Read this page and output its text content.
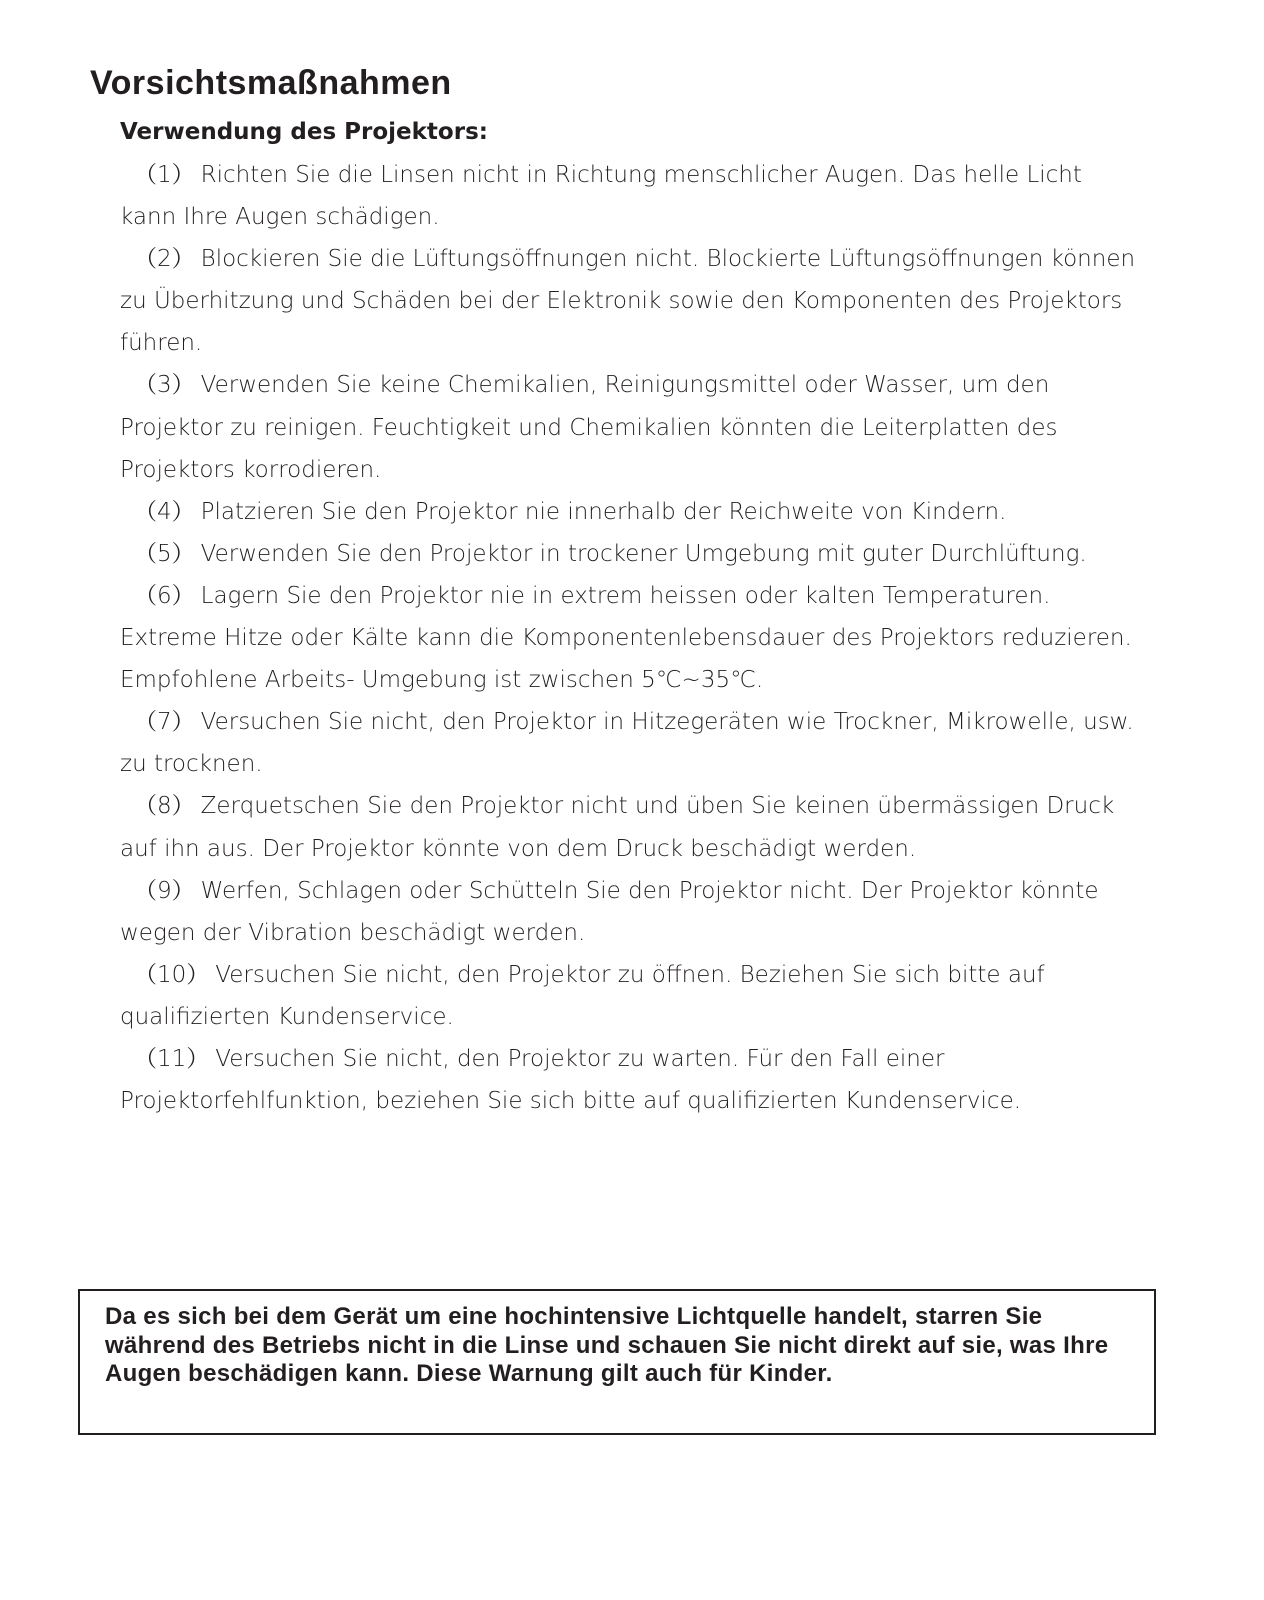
Vorsichtsmaßnahmen

Verwendung des Projektors:

（1） Richten Sie die Linsen nicht in Richtung menschlicher Augen. Das helle Licht kann Ihre Augen schädigen.

（2） Blockieren Sie die Lüftungsöffnungen nicht. Blockierte Lüftungsöffnungen können zu Überhitzung und Schäden bei der Elektronik sowie den Komponenten des Projektors führen.

（3） Verwenden Sie keine Chemikalien, Reinigungsmittel oder Wasser, um den Projektor zu reinigen. Feuchtigkeit und Chemikalien könnten die Leiterplatten des Projektors korrodieren.

（4） Platzieren Sie den Projektor nie innerhalb der Reichweite von Kindern.

（5） Verwenden Sie den Projektor in trockener Umgebung mit guter Durchlüftung.

（6） Lagern Sie den Projektor nie in extrem heissen oder kalten Temperaturen. Extreme Hitze oder Kälte kann die Komponentenlebensdauer des Projektors reduzieren. Empfohlene Arbeits- Umgebung ist zwischen 5℃~35℃.

（7） Versuchen Sie nicht, den Projektor in Hitzegeräten wie Trockner, Mikrowelle, usw. zu trocknen.

（8） Zerquetschen Sie den Projektor nicht und üben Sie keinen übermässigen Druck auf ihn aus. Der Projektor könnte von dem Druck beschädigt werden.

（9） Werfen, Schlagen oder Schütteln Sie den Projektor nicht. Der Projektor könnte wegen der Vibration beschädigt werden.

（10） Versuchen Sie nicht, den Projektor zu öffnen. Beziehen Sie sich bitte auf qualifizierten Kundenservice.

（11） Versuchen Sie nicht, den Projektor zu warten. Für den Fall einer Projektorfehlfunktion, beziehen Sie sich bitte auf qualifizierten Kundenservice.

Da es sich bei dem Gerät um eine hochintensive Lichtquelle handelt, starren Sie während des Betriebs nicht in die Linse und schauen Sie nicht direkt auf sie, was Ihre Augen beschädigen kann. Diese Warnung gilt auch für Kinder.
